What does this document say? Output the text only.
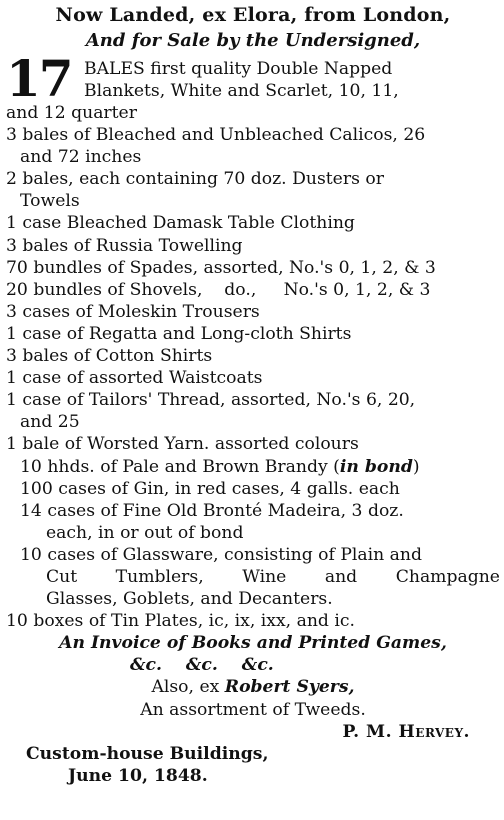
Now Landed, ex Elora, from London,
And for Sale by the Undersigned,
17 BALES first quality Double Napped
Blankets, White and Scarlet, 10, 11,
and 12 quarter
3 bales of Bleached and Unbleached Calicos, 26
and 72 inches
2 bales, each containing 70 doz. Dusters or
Towels
1 case Bleached Damask Table Clothing
3 bales of Russia Towelling
70 bundles of Spades, assorted, No.'s 0, 1, 2, & 3
20 bundles of Shovels,    do.,     No.'s 0, 1, 2, & 3
3 cases of Moleskin Trousers
1 case of Regatta and Long-cloth Shirts
3 bales of Cotton Shirts
1 case of assorted Waistcoats
1 case of Tailors' Thread, assorted, No.'s 6, 20,
and 25
1 bale of Worsted Yarn. assorted colours
10 hhds. of Pale and Brown Brandy (in bond)
100 cases of Gin, in red cases, 4 galls. each
14 cases of Fine Old Bronté Madeira, 3 doz.
each, in or out of bond
10 cases of Glassware, consisting of Plain and
Cut Tumblers, Wine and Champagne
Glasses, Goblets, and Decanters.
10 boxes of Tin Plates, ic, ix, ixx, and ic.
An Invoice of Books and Printed Games,
&c.    &c.    &c.
Also, ex Robert Syers,
An assortment of Tweeds.
P. M. Hervey.
Custom-house Buildings,
June 10, 1848.
